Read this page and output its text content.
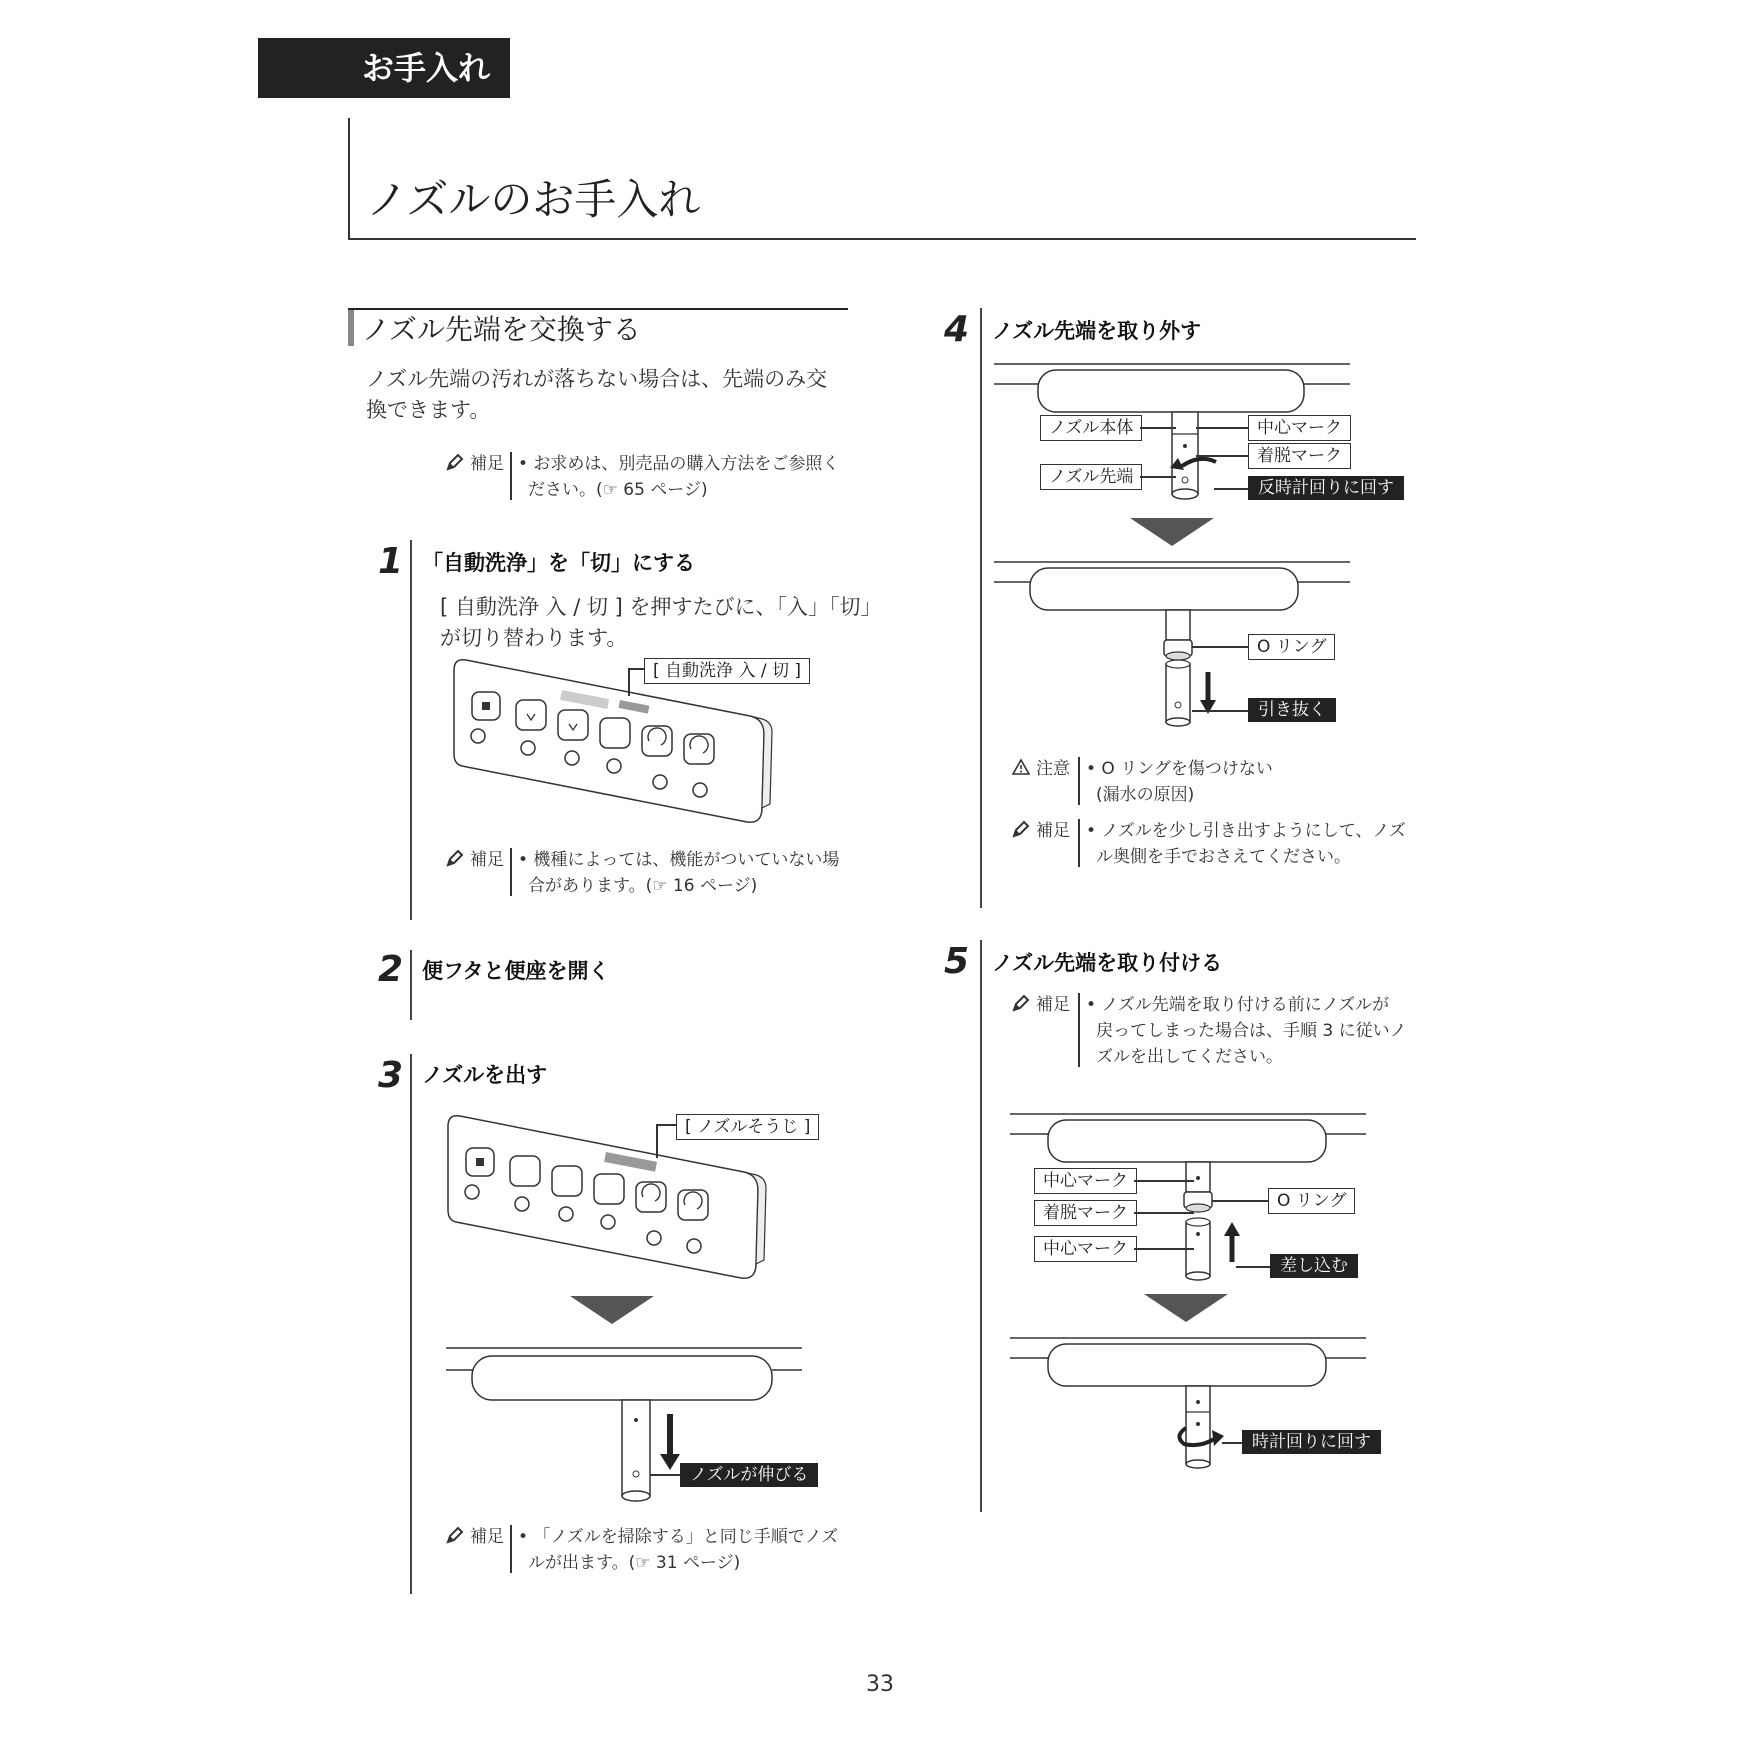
お手入れ
ノズルのお手入れ
ノズル先端を交換する
ノズル先端の汚れが落ちない場合は、先端のみ交
換できます。
補足 • お求めは、別売品の購入方法をご参照く
ださい。(☞ 65 ページ)
1 「自動洗浄」を「切」にする
[ 自動洗浄 入 / 切 ] を押すたびに、「入」「切」
が切り替わります。
[ 自動洗浄 入 / 切 ]
補足 • 機種によっては、機能がついていない場
合があります。(☞ 16 ページ)
2 便フタと便座を開く
3 ノズルを出す
[ ノズルそうじ ]
ノズルが伸びる
補足 • 「ノズルを掃除する」と同じ手順でノズ
ルが出ます。(☞ 31 ページ)
4 ノズル先端を取り外す
ノズル本体
ノズル先端
中心マーク
着脱マーク
反時計回りに回す
O リング
引き抜く
注意 • O リングを傷つけない
(漏水の原因)
補足 • ノズルを少し引き出すようにして、ノズ
ル奥側を手でおさえてください。
5 ノズル先端を取り付ける
補足 • ノズル先端を取り付ける前にノズルが
戻ってしまった場合は、手順 3 に従いノ
ズルを出してください。
中心マーク
着脱マーク
中心マーク
O リング
差し込む
時計回りに回す
33
